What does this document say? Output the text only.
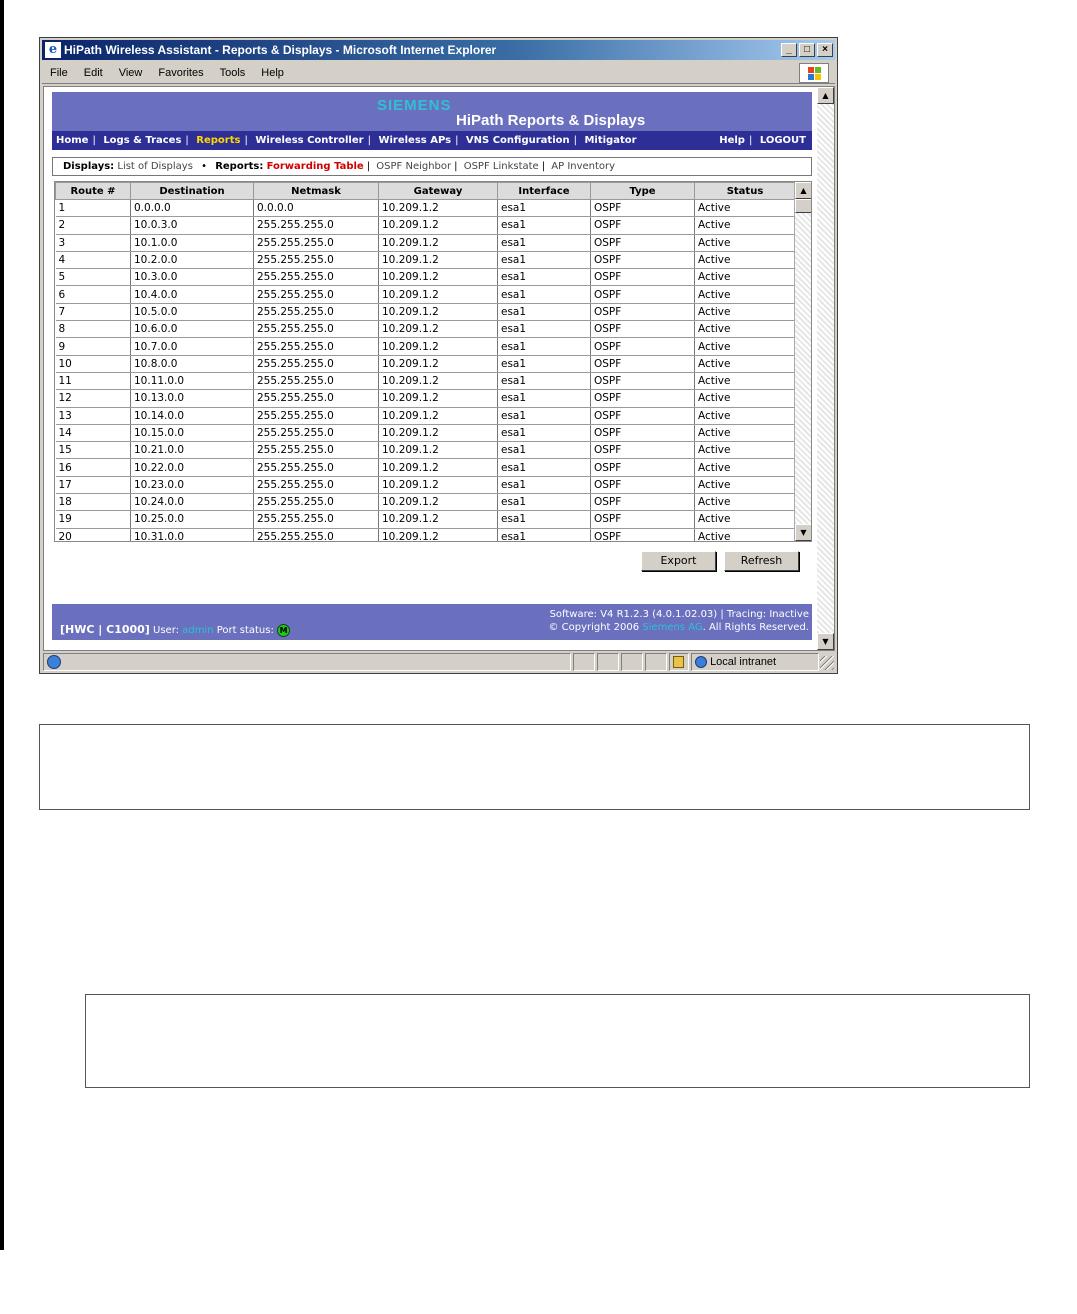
e HiPath Wireless Assistant - Reports & Displays - Microsoft Internet Explorer	_	□	×
File Edit View Favorites Tools Help
SIEMENS
HiPath Reports & Displays
Home | Logs & Traces | Reports | Wireless Controller | Wireless APs | VNS Configuration | Mitigator	Help | LOGOUT
Displays: List of Displays • Reports: Forwarding Table | OSPF Neighbor | OSPF Linkstate | AP Inventory
Route #	Destination	Netmask	Gateway	Interface	Type	Status
1	0.0.0.0	0.0.0.0	10.209.1.2	esa1	OSPF	Active
2	10.0.3.0	255.255.255.0	10.209.1.2	esa1	OSPF	Active
3	10.1.0.0	255.255.255.0	10.209.1.2	esa1	OSPF	Active
4	10.2.0.0	255.255.255.0	10.209.1.2	esa1	OSPF	Active
5	10.3.0.0	255.255.255.0	10.209.1.2	esa1	OSPF	Active
6	10.4.0.0	255.255.255.0	10.209.1.2	esa1	OSPF	Active
7	10.5.0.0	255.255.255.0	10.209.1.2	esa1	OSPF	Active
8	10.6.0.0	255.255.255.0	10.209.1.2	esa1	OSPF	Active
9	10.7.0.0	255.255.255.0	10.209.1.2	esa1	OSPF	Active
10	10.8.0.0	255.255.255.0	10.209.1.2	esa1	OSPF	Active
11	10.11.0.0	255.255.255.0	10.209.1.2	esa1	OSPF	Active
12	10.13.0.0	255.255.255.0	10.209.1.2	esa1	OSPF	Active
13	10.14.0.0	255.255.255.0	10.209.1.2	esa1	OSPF	Active
14	10.15.0.0	255.255.255.0	10.209.1.2	esa1	OSPF	Active
15	10.21.0.0	255.255.255.0	10.209.1.2	esa1	OSPF	Active
16	10.22.0.0	255.255.255.0	10.209.1.2	esa1	OSPF	Active
17	10.23.0.0	255.255.255.0	10.209.1.2	esa1	OSPF	Active
18	10.24.0.0	255.255.255.0	10.209.1.2	esa1	OSPF	Active
19	10.25.0.0	255.255.255.0	10.209.1.2	esa1	OSPF	Active
20	10.31.0.0	255.255.255.0	10.209.1.2	esa1	OSPF	Active
▲
▼
Export	Refresh
[HWC | C1000] User: admin Port status: M
Software: V4 R1.2.3 (4.0.1.02.03) | Tracing: Inactive
© Copyright 2006 Siemens AG. All Rights Reserved.
▲
▼
Local intranet
